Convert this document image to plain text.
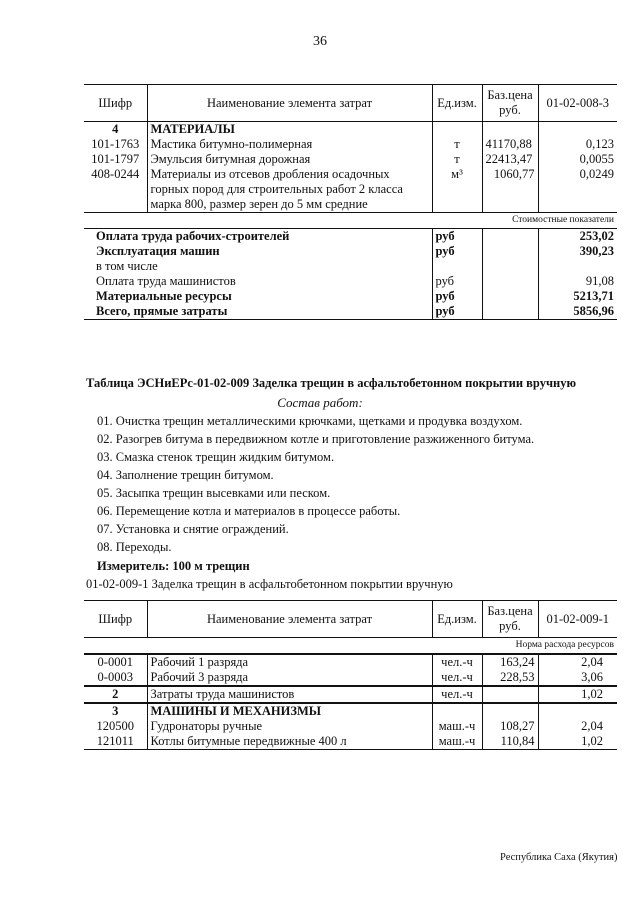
36
Шифр	Наименование элемента затрат	Ед.изм.	Баз.цена руб.	01-02-008-3
4	МАТЕРИАЛЫ			
101-1763	Мастика битумно-полимерная	т	41170,88	0,123
101-1797	Эмульсия битумная дорожная	т	22413,47	0,0055
408-0244	Материалы из отсевов дробления осадочных горных пород для строительных работ 2 класса марка 800, размер зерен до 5 мм средние	м³	1060,77	0,0249
			Стоимостные показатели	
Оплата труда рабочих-строителей		руб		253,02
Эксплуатация машин		руб		390,23
в том числе				
Оплата труда машинистов		руб		91,08
Материальные ресурсы		руб		5213,71
Всего, прямые затраты		руб		5856,96
Таблица ЭСНиЕРс-01-02-009 Заделка трещин в асфальтобетонном покрытии вручную
Состав работ:
01. Очистка трещин металлическими крючками, щетками и продувка воздухом.
02. Разогрев битума в передвижном котле и приготовление разжиженного битума.
03. Смазка стенок трещин жидким битумом.
04. Заполнение трещин битумом.
05. Засыпка трещин высевками или песком.
06. Перемещение котла и материалов в процессе работы.
07. Установка и снятие ограждений.
08. Переходы.
Измеритель: 100 м трещин
01-02-009-1 Заделка трещин в асфальтобетонном покрытии вручную
Шифр	Наименование элемента затрат	Ед.изм.	Баз.цена руб.	01-02-009-1
			Норма расхода ресурсов	
0-0001	Рабочий 1 разряда	чел.-ч	163,24	2,04
0-0003	Рабочий 3 разряда	чел.-ч	228,53	3,06
2	Затраты труда машинистов	чел.-ч		1,02
3	МАШИНЫ И МЕХАНИЗМЫ			
120500	Гудронаторы ручные	маш.-ч	108,27	2,04
121011	Котлы битумные передвижные 400 л	маш.-ч	110,84	1,02
Республика Саха (Якутия)
